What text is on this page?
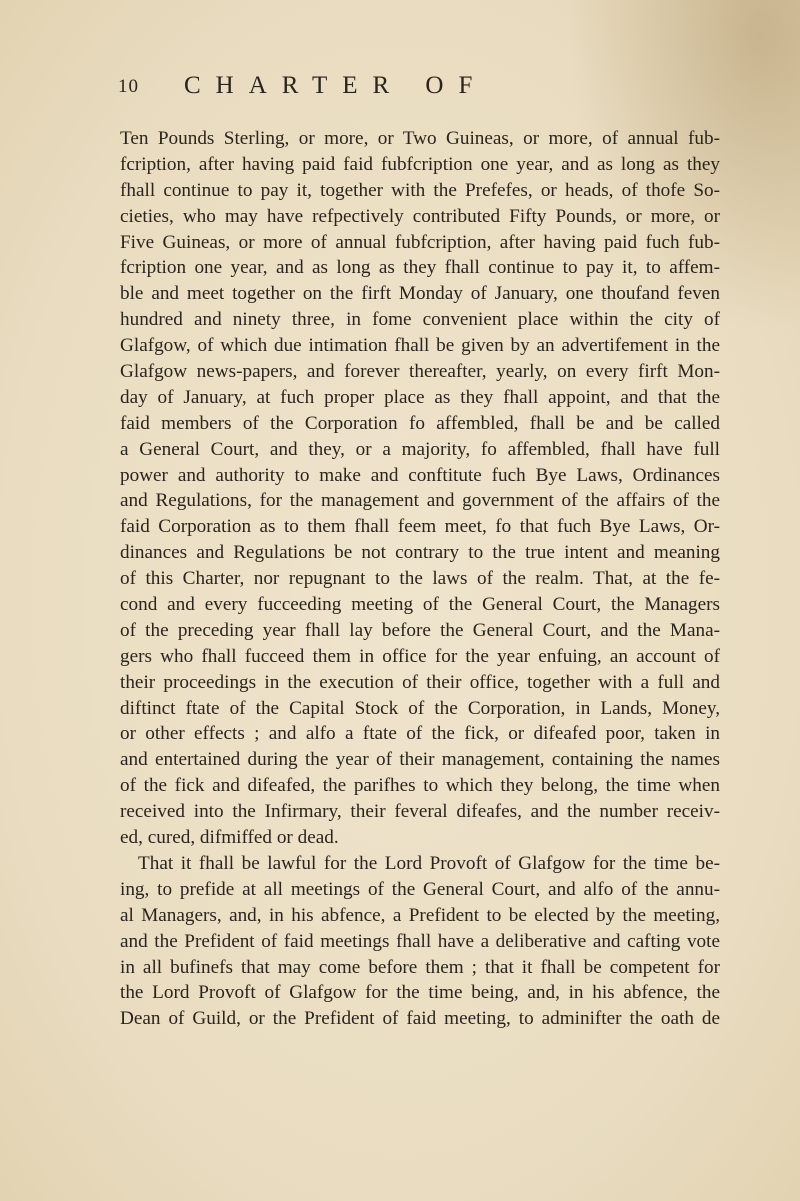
10 CHARTER OF
Ten Pounds Sterling, or more, or Two Guineas, or more, of annual fub-
fcription, after having paid faid fubfcription one year, and as long as they
fhall continue to pay it, together with the Prefefes, or heads, of thofe So-
cieties, who may have refpectively contributed Fifty Pounds, or more, or
Five Guineas, or more of annual fubfcription, after having paid fuch fub-
fcription one year, and as long as they fhall continue to pay it, to affem-
ble and meet together on the firft Monday of January, one thoufand feven
hundred and ninety three, in fome convenient place within the city of
Glafgow, of which due intimation fhall be given by an advertifement in the
Glafgow news-papers, and forever thereafter, yearly, on every firft Mon-
day of January, at fuch proper place as they fhall appoint, and that the
faid members of the Corporation fo affembled, fhall be and be called
a General Court, and they, or a majority, fo affembled, fhall have full
power and authority to make and conftitute fuch Bye Laws, Ordinances
and Regulations, for the management and government of the affairs of the
faid Corporation as to them fhall feem meet, fo that fuch Bye Laws, Or-
dinances and Regulations be not contrary to the true intent and meaning
of this Charter, nor repugnant to the laws of the realm. That, at the fe-
cond and every fucceeding meeting of the General Court, the Managers
of the preceding year fhall lay before the General Court, and the Mana-
gers who fhall fucceed them in office for the year enfuing, an account of
their proceedings in the execution of their office, together with a full and
diftinct ftate of the Capital Stock of the Corporation, in Lands, Money,
or other effects ; and alfo a ftate of the fick, or difeafed poor, taken in
and entertained during the year of their management, containing the names
of the fick and difeafed, the parifhes to which they belong, the time when
received into the Infirmary, their feveral difeafes, and the number receiv-
ed, cured, difmiffed or dead.
That it fhall be lawful for the Lord Provoft of Glafgow for the time be-
ing, to prefide at all meetings of the General Court, and alfo of the annu-
al Managers, and, in his abfence, a Prefident to be elected by the meeting,
and the Prefident of faid meetings fhall have a deliberative and cafting vote
in all bufinefs that may come before them ; that it fhall be competent for
the Lord Provoft of Glafgow for the time being, and, in his abfence, the
Dean of Guild, or the Prefident of faid meeting, to adminifter the oath de
